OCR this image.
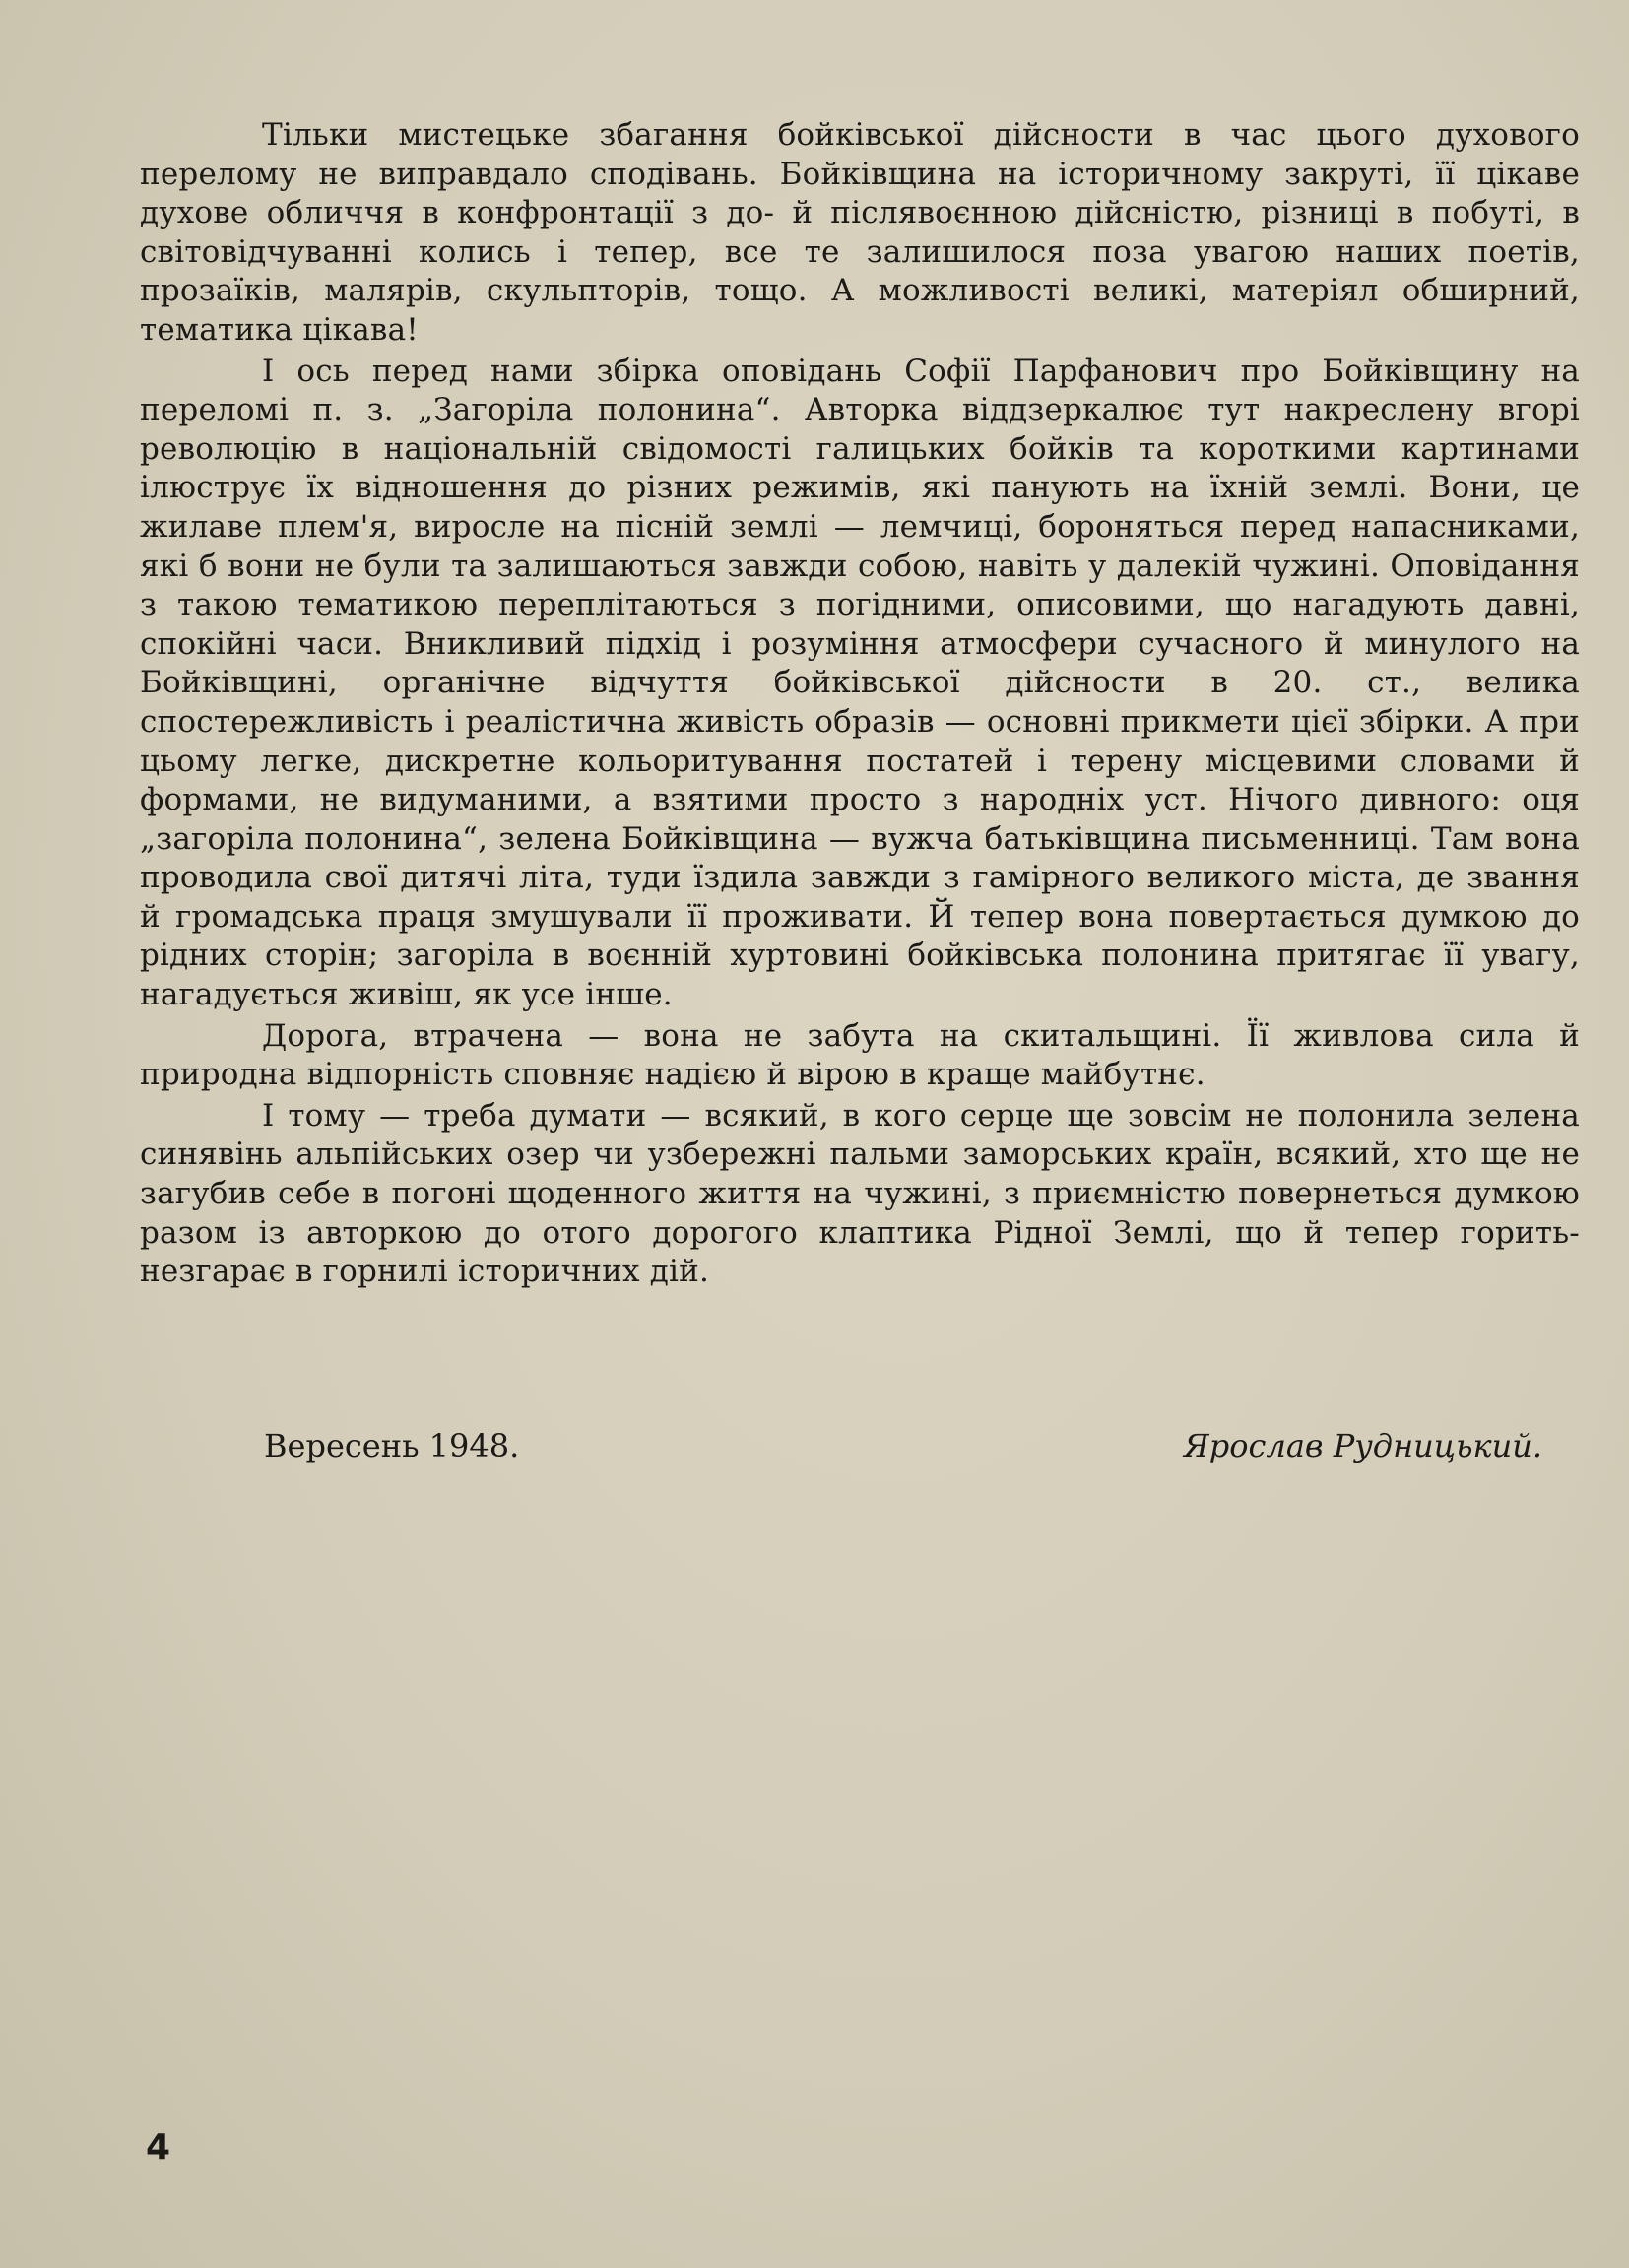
Тільки мистецьке збагання бойківської дійсности в час цього духового перелому не виправдало сподівань. Бойківщина на історичному закруті, її цікаве духове обличчя в конфронтації з до- й післявоєнною дійсністю, різниці в побуті, в світовідчуванні колись і тепер, все те залишилося поза увагою наших поетів, прозаїків, малярів, скульпторів, тощо. А можливості великі, матеріял обширний, тематика цікава!

І ось перед нами збірка оповідань Софії Парфанович про Бойківщину на переломі п. з. „Загоріла полонина“. Авторка віддзеркалює тут накреслену вгорі революцію в національній свідомості галицьких бойків та короткими картинами ілюструє їх відношення до різних режимів, які панують на їхній землі. Вони, це жилаве плем'я, виросле на пісній землі — лемчиці, бороняться перед напасниками, які б вони не були та залишаються завжди собою, навіть у далекій чужині. Оповідання з такою тематикою переплітаються з погідними, описовими, що нагадують давні, спокійні часи. Вникливий підхід і розуміння атмосфери сучасного й минулого на Бойківщині, органічне відчуття бойківської дійсности в 20. ст., велика спостережливість і реалістична живість образів — основні прикмети цієї збірки. А при цьому легке, дискретне кольоритування постатей і терену місцевими словами й формами, не видуманими, а взятими просто з народніх уст. Нічого дивного: оця „загоріла полонина“, зелена Бойківщина — вужча батьківщина письменниці. Там вона проводила свої дитячі літа, туди їздила завжди з гамірного великого міста, де звання й громадська праця змушували її проживати. Й тепер вона повертається думкою до рідних сторін; загоріла в воєнній хуртовині бойківська полонина притягає її увагу, нагадується живіш, як усе інше.

Дорога, втрачена — вона не забута на скитальщині. Її живлова сила й природна відпорність сповняє надією й вірою в краще майбутнє.

І тому — треба думати — всякий, в кого серце ще зовсім не полонила зелена синявінь альпійських озер чи узбережні пальми заморських країн, всякий, хто ще не загубив себе в погоні щоденного життя на чужині, з приємністю повернеться думкою разом із авторкою до отого дорогого клаптика Рідної Землі, що й тепер горить-незгарає в горнилі історичних дій.

Вересень 1948.	Ярослав Рудницький.
4
